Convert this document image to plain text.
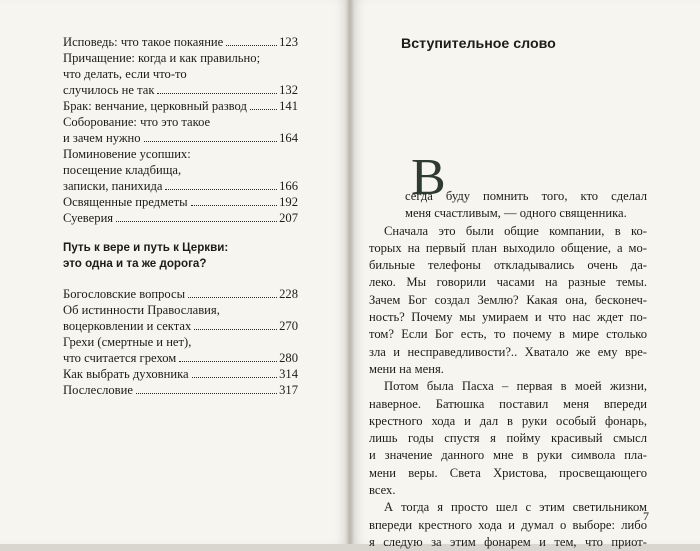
Исповедь: что такое покаяние	123
Причащение: когда и как правильно;
что делать, если что-то
случилось не так	132
Брак: венчание, церковный развод	141
Соборование: что это такое
и зачем нужно	164
Поминовение усопших:
посещение кладбища,
записки, панихида	166
Освященные предметы	192
Суеверия	207
Путь к вере и путь к Церкви:
это одна и та же дорога?
Богословские вопросы	228
Об истинности Православия,
воцерковлении и сектах	270
Грехи (смертные и нет),
что считается грехом	280
Как выбрать духовника	314
Послесловие	317
Вступительное слово
В
сегда буду помнить того, кто сделал
меня счастливым, — одного священника.
Сначала это были общие компании, в ко-
торых на первый план выходило общение, а мо-
бильные телефоны откладывались очень да-
леко. Мы говорили часами на разные темы.
Зачем Бог создал Землю? Какая она, бесконеч-
ность? Почему мы умираем и что нас ждет по-
том? Если Бог есть, то почему в мире столько
зла и несправедливости?.. Хватало же ему вре-
мени на меня.
Потом была Пасха – первая в моей жизни,
наверное. Батюшка поставил меня впереди
крестного хода и дал в руки особый фонарь,
лишь годы спустя я пойму красивый смысл
и значение данного мне в руки символа пла-
мени веры. Света Христова, просвещающего
всех.
А тогда я просто шел с этим светильником
впереди крестного хода и думал о выборе: либо
я следую за этим фонарем и тем, что приот-
7
